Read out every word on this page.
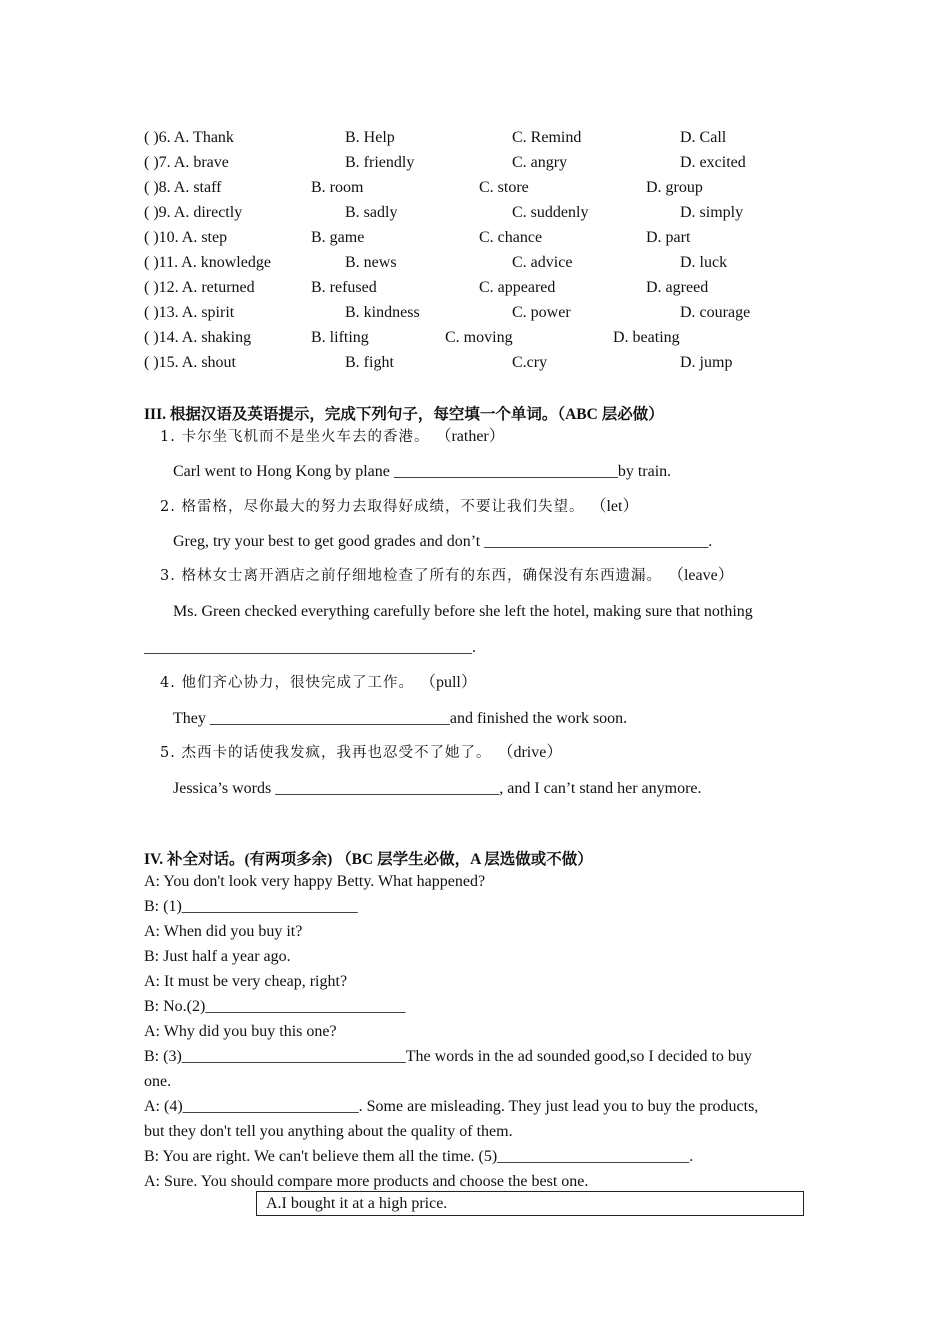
( )6. A. Thank	B. Help	C. Remind	D. Call
( )7. A. brave	B. friendly	C. angry	D. excited
( )8. A. staff	B. room	C. store	D. group
( )9. A. directly	B. sadly	C. suddenly	D. simply
( )10. A. step	B. game	C. chance	D. part
( )11. A. knowledge	B. news	C. advice	D. luck
( )12. A. returned	B. refused	C. appeared	D. agreed
( )13. A. spirit	B. kindness	C. power	D. courage
( )14. A. shaking	B. lifting	C. moving	D. beating
( )15. A. shout	B. fight	C.cry	D. jump
III. 根据汉语及英语提示，完成下列句子，每空填一个单词。（ABC 层必做）
1. 卡尔坐飞机而不是坐火车去的香港。 （rather）
Carl went to Hong Kong by plane ____________________________by train.
2. 格雷格，尽你最大的努力去取得好成绩，不要让我们失望。 （let）
Greg, try your best to get good grades and don’t ____________________________.
3. 格林女士离开酒店之前仔细地检查了所有的东西，确保没有东西遗漏。 （leave）
Ms. Green checked everything carefully before she left the hotel, making sure that nothing
_________________________________________.
4. 他们齐心协力，很快完成了工作。 （pull）
They ______________________________and finished the work soon.
5. 杰西卡的话使我发疯，我再也忍受不了她了。 （drive）
Jessica’s words ____________________________, and I can’t stand her anymore.
IV. 补全对话。(有两项多余) （BC 层学生必做，A 层选做或不做）
A: You don't look very happy Betty. What happened?
B: (1)______________________
A: When did you buy it?
B: Just half a year ago.
A: It must be very cheap, right?
B: No.(2)_________________________
A: Why did you buy this one?
B: (3)____________________________The words in the ad sounded good,so I decided to buy
one.
A: (4)______________________. Some are misleading. They just lead you to buy the products,
but they don't tell you anything about the quality of them.
B: You are right. We can't believe them all the time. (5)________________________.
A: Sure. You should compare more products and choose the best one.
A.I bought it at a high price.
